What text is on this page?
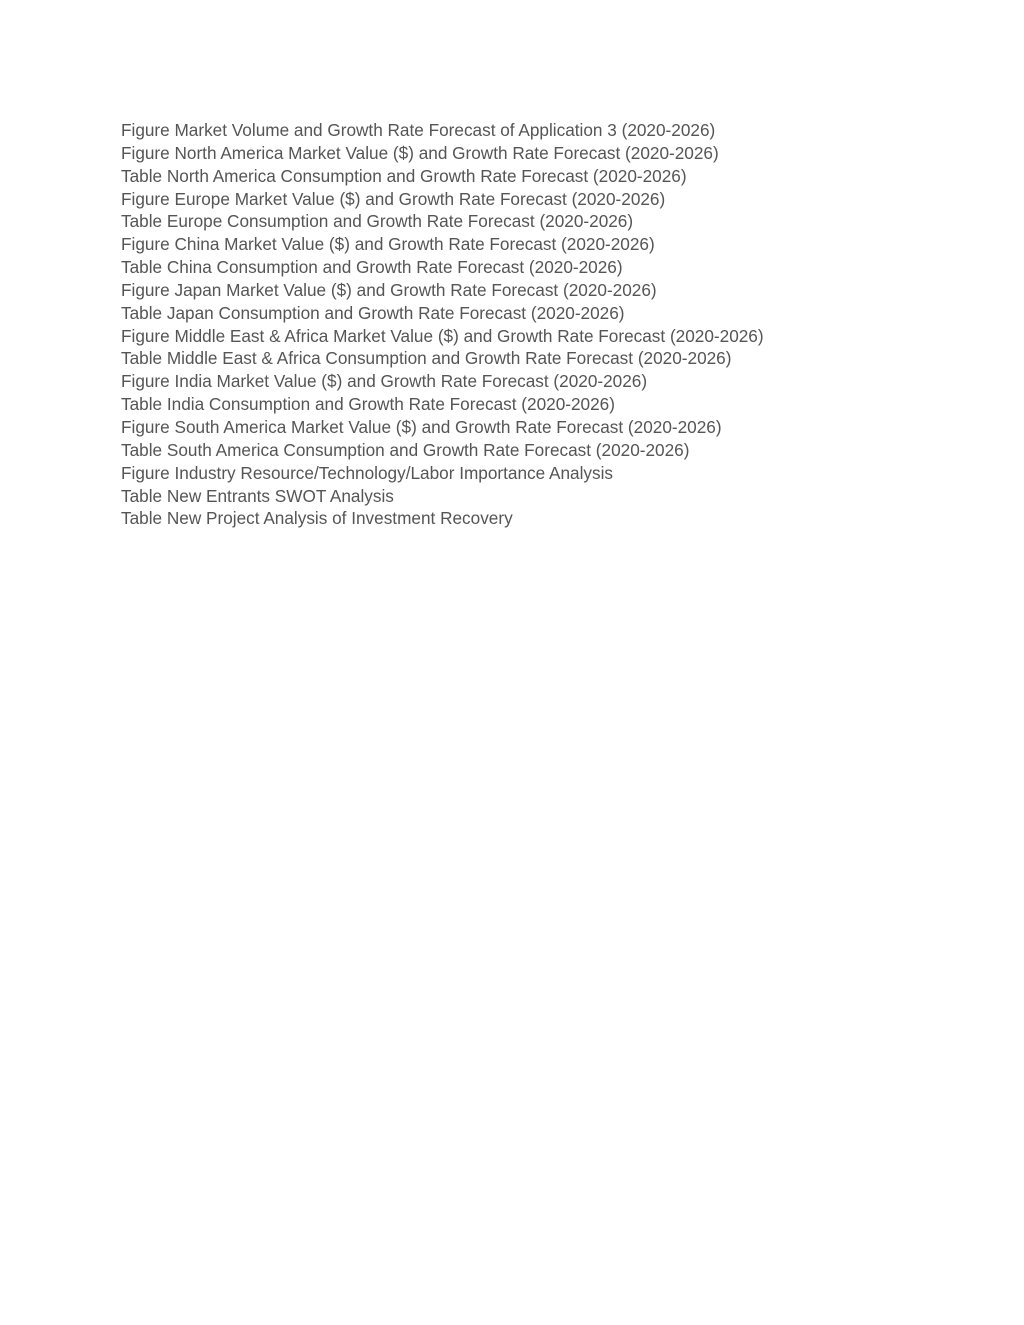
Figure Market Volume and Growth Rate Forecast of Application 3 (2020-2026)
Figure North America Market Value ($) and Growth Rate Forecast (2020-2026)
Table North America Consumption and Growth Rate Forecast (2020-2026)
Figure Europe Market Value ($) and Growth Rate Forecast (2020-2026)
Table Europe Consumption and Growth Rate Forecast (2020-2026)
Figure China Market Value ($) and Growth Rate Forecast (2020-2026)
Table China Consumption and Growth Rate Forecast (2020-2026)
Figure Japan Market Value ($) and Growth Rate Forecast (2020-2026)
Table Japan Consumption and Growth Rate Forecast (2020-2026)
Figure Middle East & Africa Market Value ($) and Growth Rate Forecast (2020-2026)
Table Middle East & Africa Consumption and Growth Rate Forecast (2020-2026)
Figure India Market Value ($) and Growth Rate Forecast (2020-2026)
Table India Consumption and Growth Rate Forecast (2020-2026)
Figure South America Market Value ($) and Growth Rate Forecast (2020-2026)
Table South America Consumption and Growth Rate Forecast (2020-2026)
Figure Industry Resource/Technology/Labor Importance Analysis
Table New Entrants SWOT Analysis
Table New Project Analysis of Investment Recovery
